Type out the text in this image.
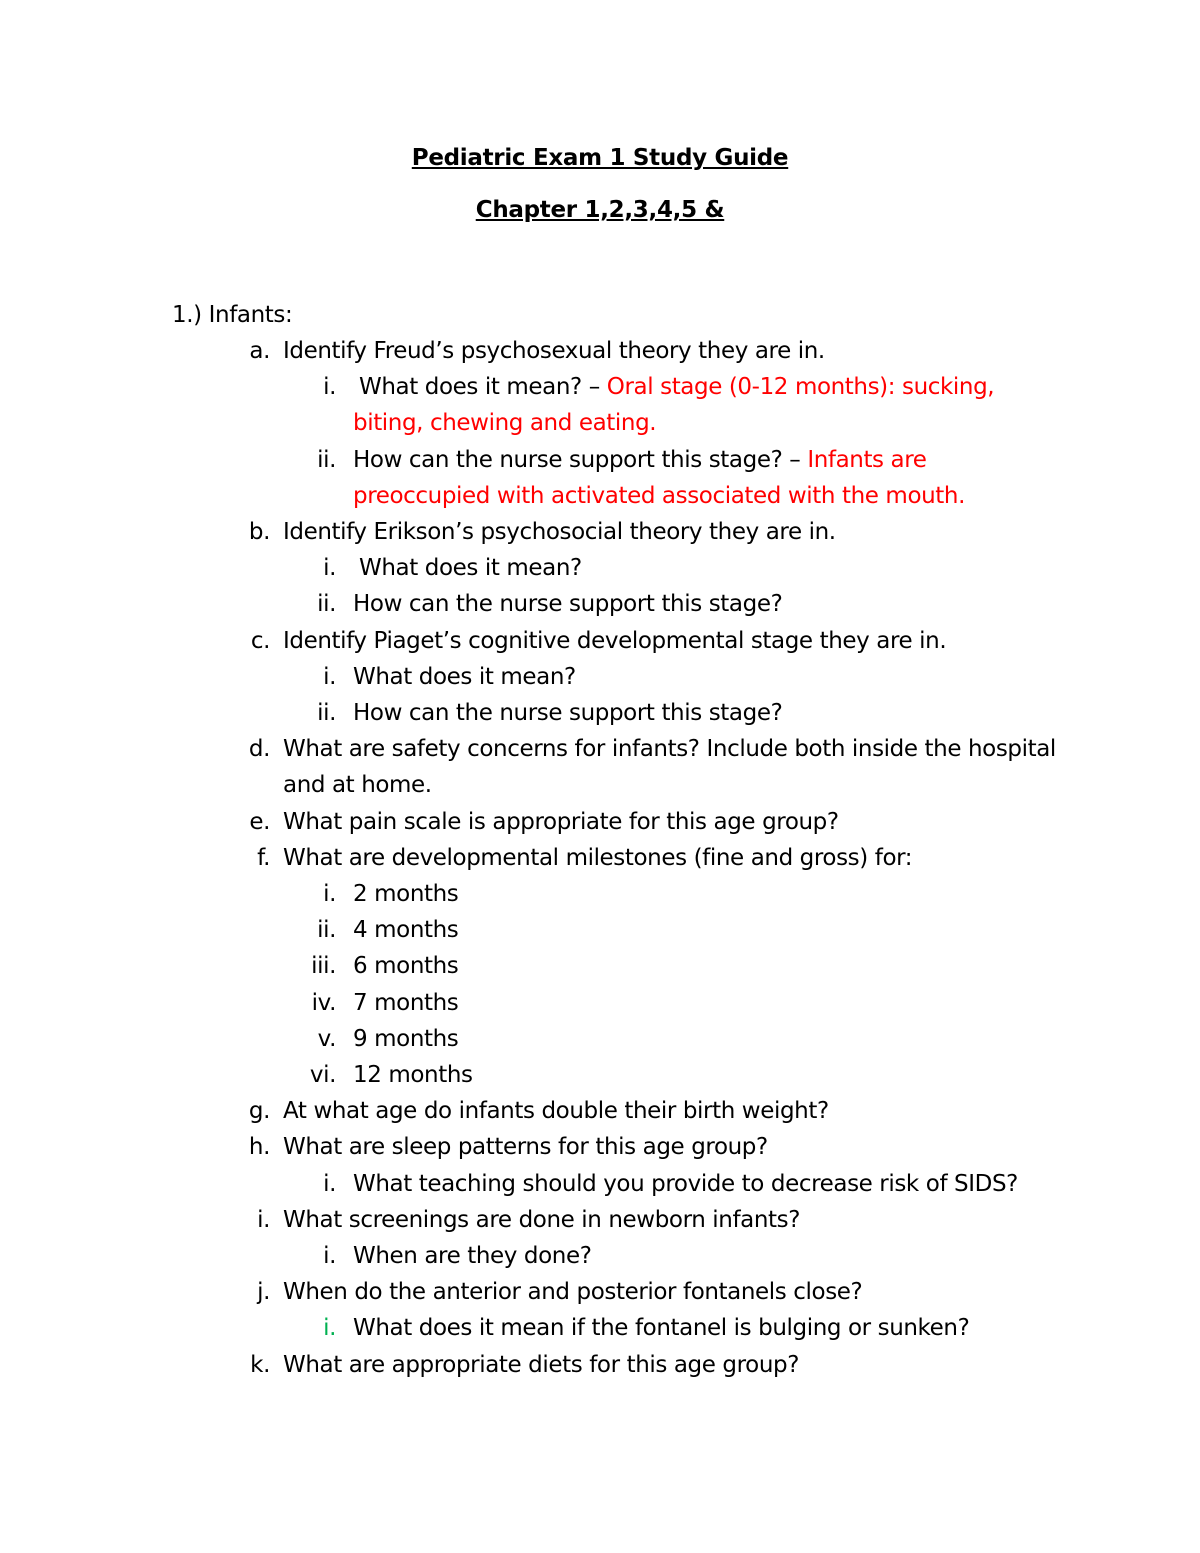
Pediatric Exam 1 Study Guide
Chapter 1,2,3,4,5 &
1.) Infants:
a. Identify Freud’s psychosexual theory they are in.
i. What does it mean? – Oral stage (0-12 months): sucking,
biting, chewing and eating.
ii. How can the nurse support this stage? – Infants are
preoccupied with activated associated with the mouth.
b. Identify Erikson’s psychosocial theory they are in.
i. What does it mean?
ii. How can the nurse support this stage?
c. Identify Piaget’s cognitive developmental stage they are in.
i. What does it mean?
ii. How can the nurse support this stage?
d. What are safety concerns for infants? Include both inside the hospital
and at home.
e. What pain scale is appropriate for this age group?
f. What are developmental milestones (fine and gross) for:
i. 2 months
ii. 4 months
iii. 6 months
iv. 7 months
v. 9 months
vi. 12 months
g. At what age do infants double their birth weight?
h. What are sleep patterns for this age group?
i. What teaching should you provide to decrease risk of SIDS?
i. What screenings are done in newborn infants?
i. When are they done?
j. When do the anterior and posterior fontanels close?
i. What does it mean if the fontanel is bulging or sunken?
k. What are appropriate diets for this age group?
